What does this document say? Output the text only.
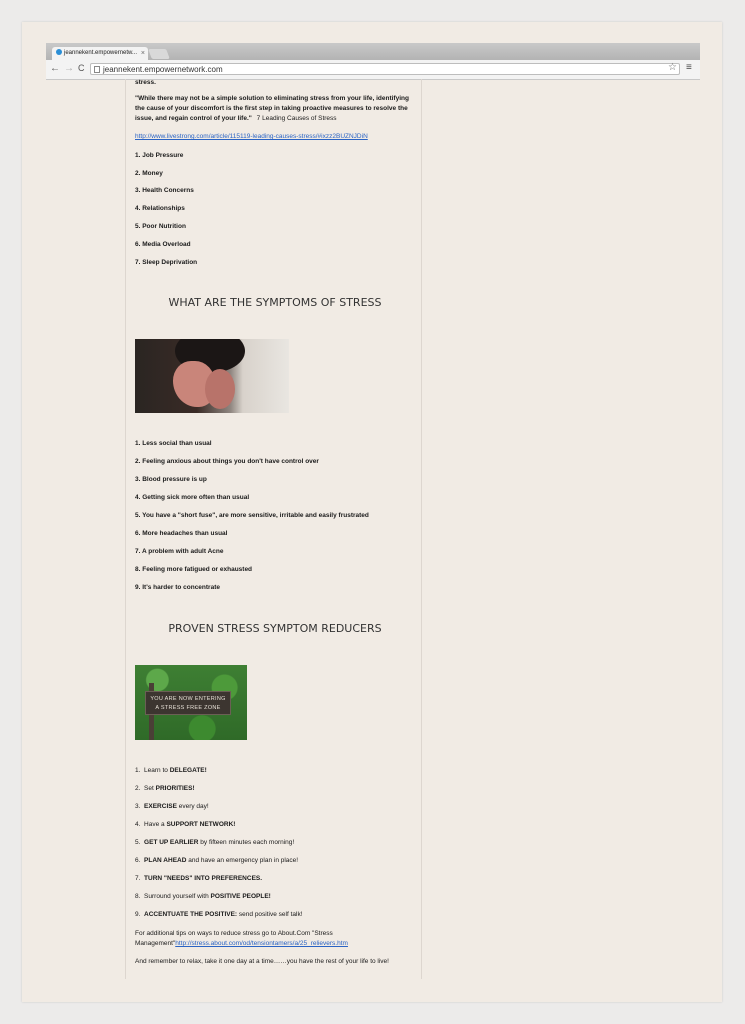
jeannekent.empowernetw... ×
← → C	jeannekent.empowernetwork.com	☆ ≡
stress.
"While there may not be a simple solution to eliminating stress from your life, identifying the cause of your discomfort is the first step in taking proactive measures to resolve the issue, and regain control of your life." 7 Leading Causes of Stress
http://www.livestrong.com/article/115119-leading-causes-stress/#ixzz2BUZNJDiN
1. Job Pressure
2. Money
3. Health Concerns
4. Relationships
5. Poor Nutrition
6. Media Overload
7. Sleep Deprivation
WHAT ARE THE SYMPTOMS OF STRESS
1. Less social than usual
2. Feeling anxious about things you don't have control over
3. Blood pressure is up
4. Getting sick more often than usual
5. You have a "short fuse", are more sensitive, irritable and easily frustrated
6. More headaches than usual
7. A problem with adult Acne
8. Feeling more fatigued or exhausted
9. It's harder to concentrate
PROVEN STRESS SYMPTOM REDUCERS
1. Learn to DELEGATE!
2. Set PRIORITIES!
3. EXERCISE every day!
4. Have a SUPPORT NETWORK!
5. GET UP EARLIER by fifteen minutes each morning!
6. PLAN AHEAD and have an emergency plan in place!
7. TURN "NEEDS" INTO PREFERENCES.
8. Surround yourself with POSITIVE PEOPLE!
9. ACCENTUATE THE POSITIVE: send positive self talk!
For additional tips on ways to reduce stress go to About.Com "Stress
Management"http://stress.about.com/od/tensiontamers/a/25_relievers.htm
And remember to relax, take it one day at a time……you have the rest of your life to live!
YOU ARE NOW ENTERING
A STRESS FREE ZONE
